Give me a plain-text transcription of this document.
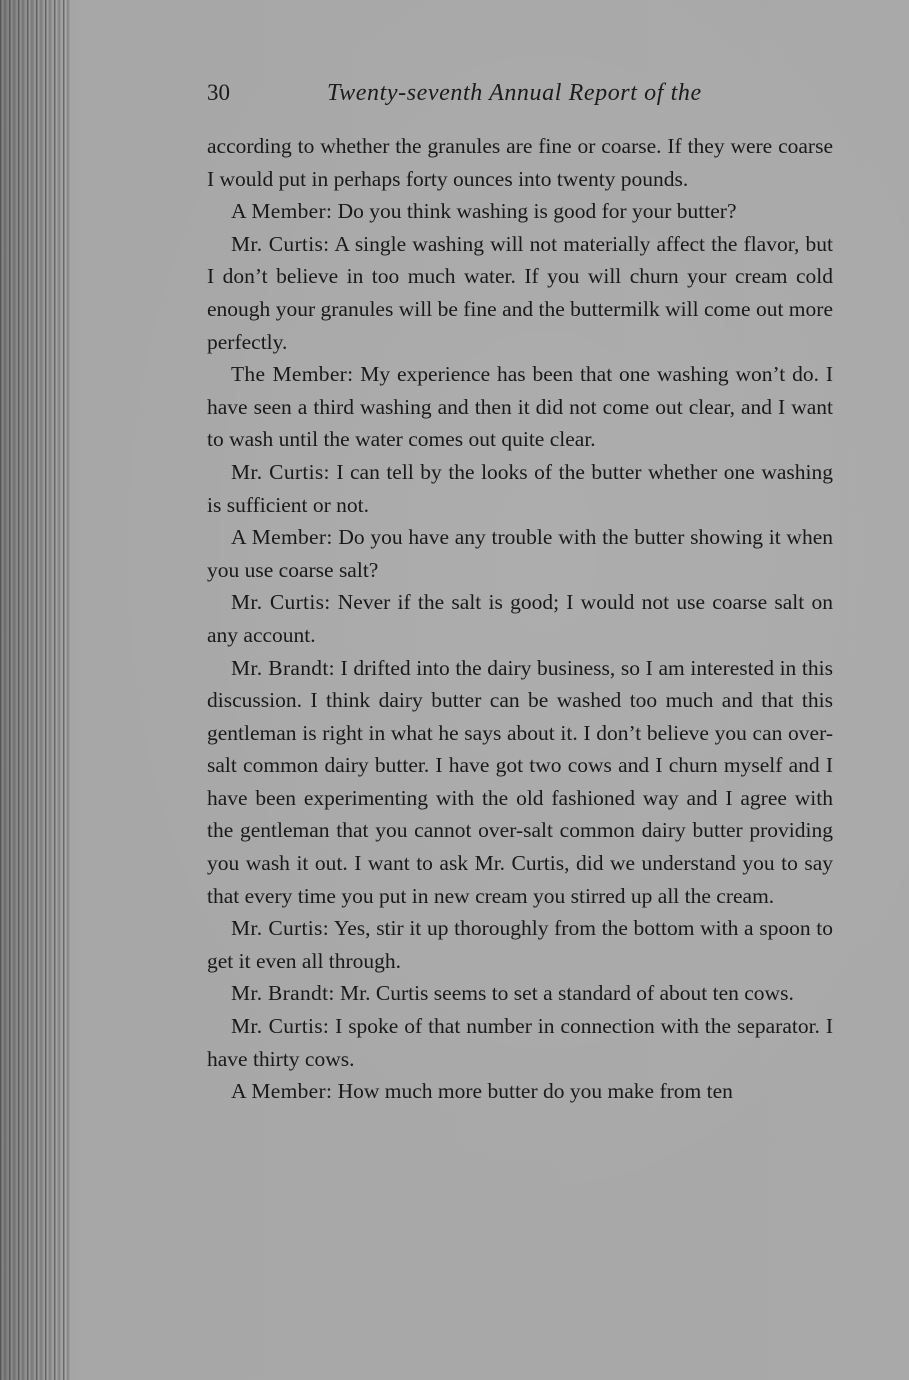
30	Twenty-seventh Annual Report of the

according to whether the granules are fine or coarse. If they were coarse I would put in perhaps forty ounces into twenty pounds.

A Member: Do you think washing is good for your butter?

Mr. Curtis: A single washing will not materially affect the flavor, but I don’t believe in too much water. If you will churn your cream cold enough your granules will be fine and the buttermilk will come out more perfectly.

The Member: My experience has been that one washing won’t do. I have seen a third washing and then it did not come out clear, and I want to wash until the water comes out quite clear.

Mr. Curtis: I can tell by the looks of the butter whether one washing is sufficient or not.

A Member: Do you have any trouble with the butter showing it when you use coarse salt?

Mr. Curtis: Never if the salt is good; I would not use coarse salt on any account.

Mr. Brandt: I drifted into the dairy business, so I am interested in this discussion. I think dairy butter can be washed too much and that this gentleman is right in what he says about it. I don’t believe you can over-salt common dairy butter. I have got two cows and I churn myself and I have been experimenting with the old fashioned way and I agree with the gentleman that you cannot over-salt common dairy butter providing you wash it out. I want to ask Mr. Curtis, did we understand you to say that every time you put in new cream you stirred up all the cream.

Mr. Curtis: Yes, stir it up thoroughly from the bottom with a spoon to get it even all through.

Mr. Brandt: Mr. Curtis seems to set a standard of about ten cows.

Mr. Curtis: I spoke of that number in connection with the separator. I have thirty cows.

A Member: How much more butter do you make from ten
